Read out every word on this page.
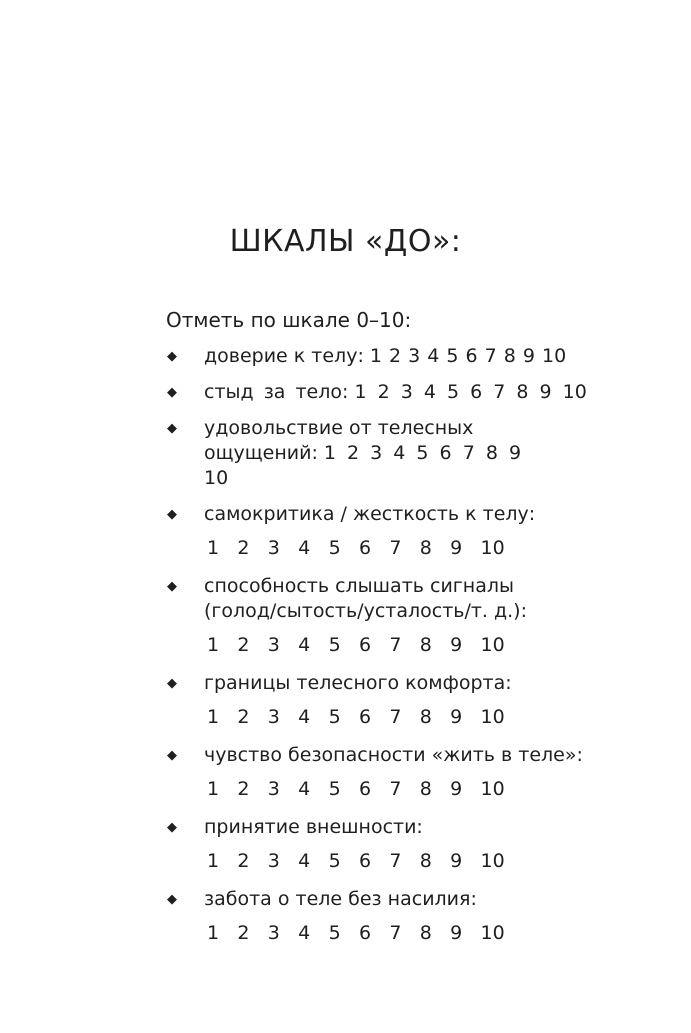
ШКАЛЫ «ДО»:

Отметь по шкале 0–10:

◆ доверие к телу: 1 2 3 4 5 6 7 8 9 10
◆ стыд за тело: 1 2 3 4 5 6 7 8 9 10
◆ удовольствие от телесных ощущений: 1 2 3 4 5 6 7 8 9 10
◆ самокритика / жесткость к телу:
1 2 3 4 5 6 7 8 9 10
◆ способность слышать сигналы (голод/сытость/усталость/т. д.):
1 2 3 4 5 6 7 8 9 10
◆ границы телесного комфорта:
1 2 3 4 5 6 7 8 9 10
◆ чувство безопасности «жить в теле»:
1 2 3 4 5 6 7 8 9 10
◆ принятие внешности:
1 2 3 4 5 6 7 8 9 10
◆ забота о теле без насилия:
1 2 3 4 5 6 7 8 9 10
